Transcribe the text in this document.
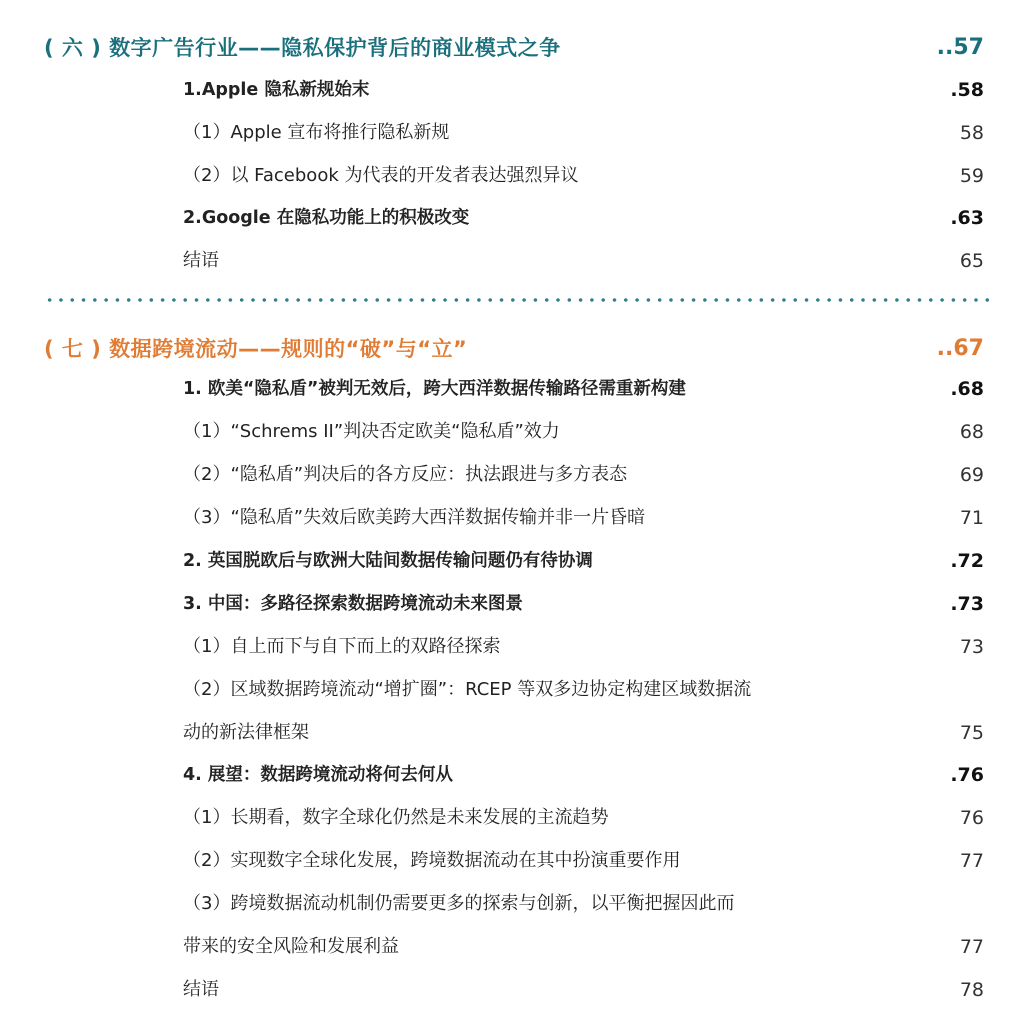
( 六 ) 数字广告行业——隐私保护背后的商业模式之争	..57
1.Apple 隐私新规始末	.58
（1）Apple 宣布将推行隐私新规	58
（2）以 Facebook 为代表的开发者表达强烈异议	59
2.Google 在隐私功能上的积极改变	.63
结语	65
( 七 ) 数据跨境流动——规则的“破”与“立”	..67
1. 欧美“隐私盾”被判无效后，跨大西洋数据传输路径需重新构建	.68
（1）“Schrems II”判决否定欧美“隐私盾”效力	68
（2）“隐私盾”判决后的各方反应：执法跟进与多方表态	69
（3）“隐私盾”失效后欧美跨大西洋数据传输并非一片昏暗	71
2. 英国脱欧后与欧洲大陆间数据传输问题仍有待协调	.72
3. 中国：多路径探索数据跨境流动未来图景	.73
（1）自上而下与自下而上的双路径探索	73
（2）区域数据跨境流动“增扩圈”：RCEP 等双多边协定构建区域数据流
动的新法律框架	75
4. 展望：数据跨境流动将何去何从	.76
（1）长期看，数字全球化仍然是未来发展的主流趋势	76
（2）实现数字全球化发展，跨境数据流动在其中扮演重要作用	77
（3）跨境数据流动机制仍需要更多的探索与创新，以平衡把握因此而
带来的安全风险和发展利益	77
结语	78
